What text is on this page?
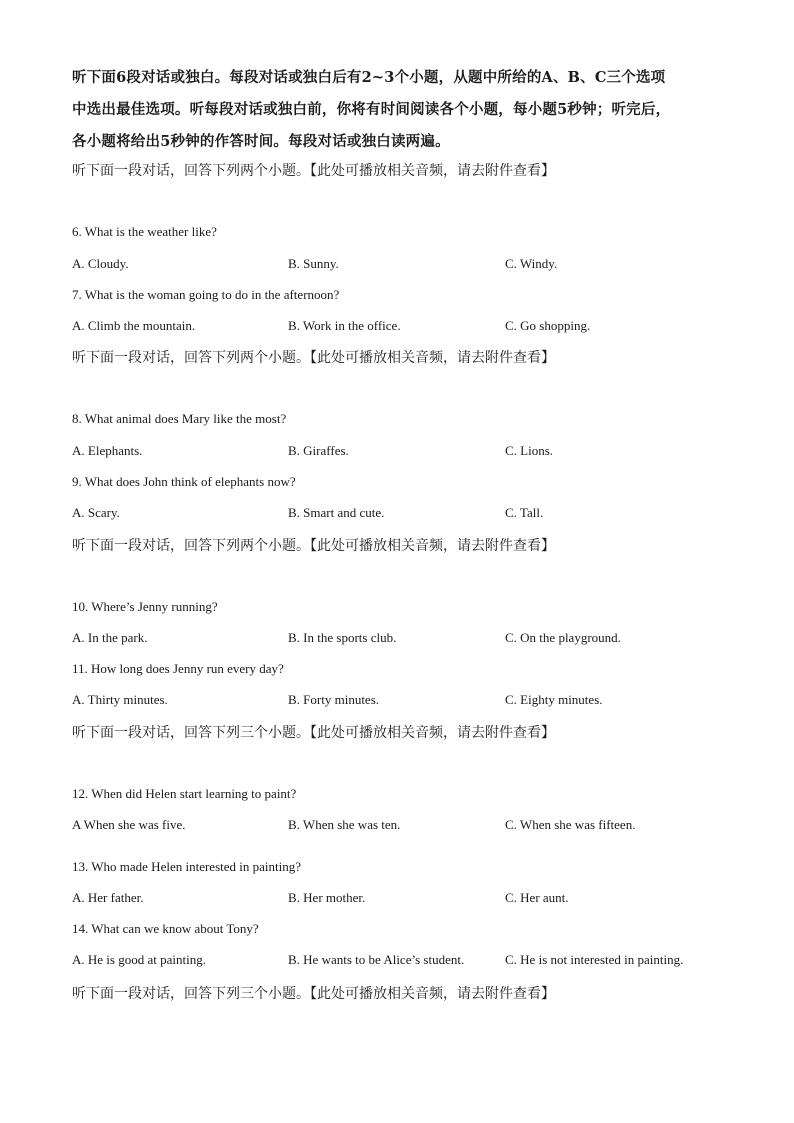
听下面6段对话或独白。每段对话或独白后有2~3个小题，从题中所给的A、B、C三个选项
中选出最佳选项。听每段对话或独白前，你将有时间阅读各个小题，每小题5秒钟；听完后，
各小题将给出5秒钟的作答时间。每段对话或独白读两遍。
听下面一段对话，回答下列两个小题。【此处可播放相关音频，请去附件查看】
6. What is the weather like?
A. Cloudy.	B. Sunny.	C. Windy.
7. What is the woman going to do in the afternoon?
A. Climb the mountain.	B. Work in the office.	C. Go shopping.
听下面一段对话，回答下列两个小题。【此处可播放相关音频，请去附件查看】
8. What animal does Mary like the most?
A. Elephants.	B. Giraffes.	C. Lions.
9. What does John think of elephants now?
A. Scary.	B. Smart and cute.	C. Tall.
听下面一段对话，回答下列两个小题。【此处可播放相关音频，请去附件查看】
10. Where’s Jenny running?
A. In the park.	B. In the sports club.	C. On the playground.
11. How long does Jenny run every day?
A. Thirty minutes.	B. Forty minutes.	C. Eighty minutes.
听下面一段对话，回答下列三个小题。【此处可播放相关音频，请去附件查看】
12. When did Helen start learning to paint?
A When she was five.	B. When she was ten.	C. When she was fifteen.
13. Who made Helen interested in painting?
A. Her father.	B. Her mother.	C. Her aunt.
14. What can we know about Tony?
A. He is good at painting.	B. He wants to be Alice’s student.	C. He is not interested in painting.
听下面一段对话，回答下列三个小题。【此处可播放相关音频，请去附件查看】
